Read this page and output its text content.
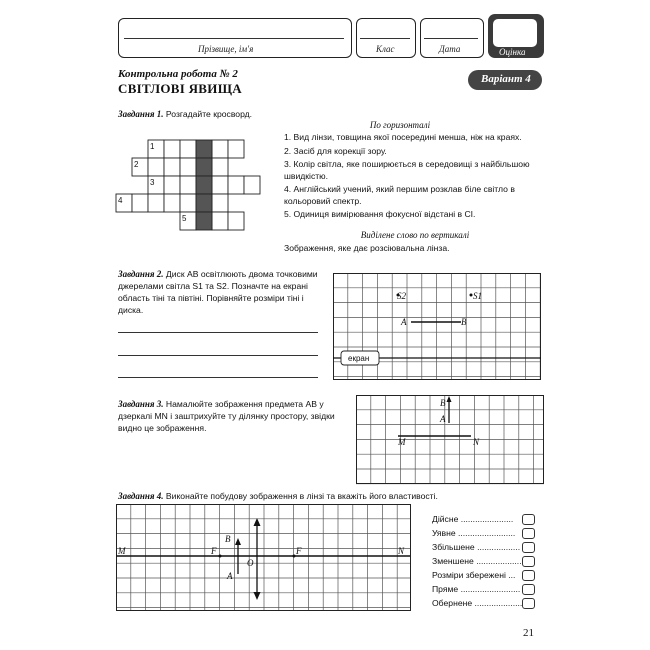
Прізвище, ім'я	Клас	Дата	Оцінка
Контрольна робота № 2
СВІТЛОВІ ЯВИЩА
Варіант 4
Завдання 1. Розгадайте кросворд.
1
2
3
4
5
По горизонталі
1. Вид лінзи, товщина якої посередині менша, ніж на краях.
2. Засіб для корекції зору.
3. Колір світла, яке поширюється в середовищі з найбільшою швидкістю.
4. Англійський учений, який першим розклав біле світло в кольоровий спектр.
5. Одиниця вимірювання фокусної відстані в СІ.
Виділене слово по вертикалі
Зображення, яке дає розсіювальна лінза.
Завдання 2. Диск AB освітлюють двома точковими джерелами світла S1 та S2. Позначте на екрані область тіні та півтіні. Порівняйте розміри тіні і диска.
S2	S1
A	B
екран
Завдання 3. Намалюйте зображення предмета AB у дзеркалі MN і заштрихуйте ту ділянку простору, звідки видно це зображення.
B
A
M	N
Завдання 4. Виконайте побудову зображення в лінзі та вкажіть його властивості.
M	F
B
O
A
F	N
Дійсне ......................
Уявне ........................
Збільшене ..................
Зменшене ...................
Розміри збережені ...
Пряме .........................
Обернене ....................
21
